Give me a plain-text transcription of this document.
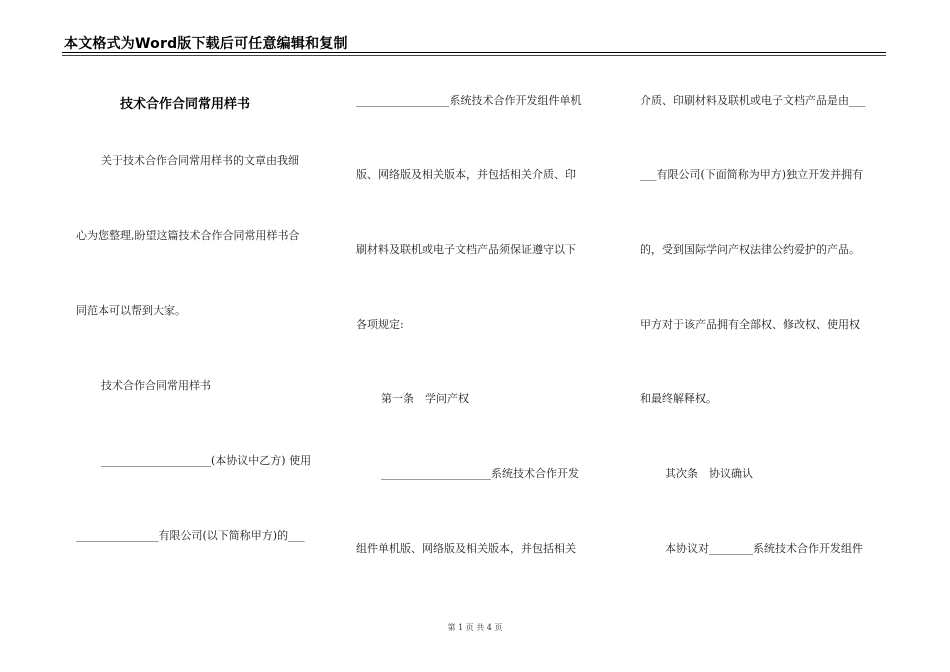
本文格式为Word版下载后可任意编辑和复制
技术合作合同常用样书
关于技术合作合同常用样书的文章由我细
心为您整理,盼望这篇技术合作合同常用样书合
同范本可以帮到大家。
技术合作合同常用样书
____________________(本协议中乙方) 使用
_______________有限公司(以下简称甲方)的___
_________________系统技术合作开发组件单机
版、网络版及相关版本，并包括相关介质、印
刷材料及联机或电子文档产品须保证遵守以下
各项规定:
第一条　学问产权
____________________系统技术合作开发
组件单机版、网络版及相关版本，并包括相关
介质、印刷材料及联机或电子文档产品是由___
___有限公司(下面简称为甲方)独立开发并拥有
的，受到国际学问产权法律公约爱护的产品。
甲方对于该产品拥有全部权、修改权、使用权
和最终解释权。
其次条　协议确认
本协议对________系统技术合作开发组件
第 1 页 共 4 页
